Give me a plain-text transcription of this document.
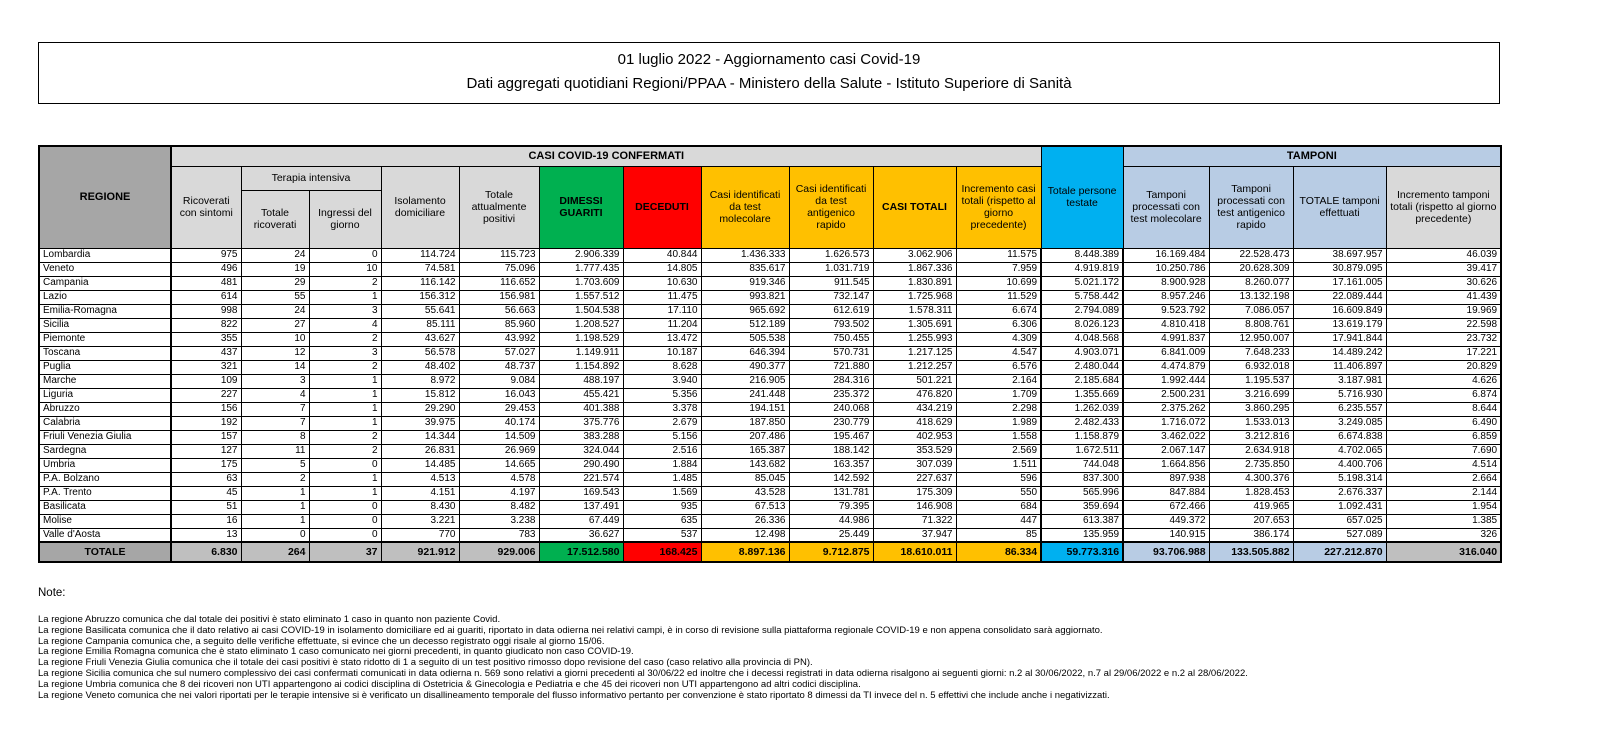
01 luglio 2022 - Aggiornamento casi Covid-19
Dati aggregati quotidiani Regioni/PPAA - Ministero della Salute - Istituto Superiore di Sanità
REGIONE	CASI COVID-19 CONFERMATI											Totale persone testate	TAMPONI			
	Ricoverati con sintomi	Terapia intensiva		Isolamento domiciliare	Totale attualmente positivi	DIMESSI GUARITI	DECEDUTI	Casi identificati da test molecolare	Casi identificati da test antigenico rapido	CASI TOTALI	Incremento casi totali (rispetto al giorno precedente)		Tamponi processati con test molecolare	Tamponi processati con test antigenico rapido	TOTALE tamponi effettuati	Incremento tamponi totali (rispetto al giorno precedente)
		Totale ricoverati	Ingressi del giorno													
Lombardia	975	24	0	114.724	115.723	2.906.339	40.844	1.436.333	1.626.573	3.062.906	11.575	8.448.389	16.169.484	22.528.473	38.697.957	46.039
Veneto	496	19	10	74.581	75.096	1.777.435	14.805	835.617	1.031.719	1.867.336	7.959	4.919.819	10.250.786	20.628.309	30.879.095	39.417
Campania	481	29	2	116.142	116.652	1.703.609	10.630	919.346	911.545	1.830.891	10.699	5.021.172	8.900.928	8.260.077	17.161.005	30.626
Lazio	614	55	1	156.312	156.981	1.557.512	11.475	993.821	732.147	1.725.968	11.529	5.758.442	8.957.246	13.132.198	22.089.444	41.439
Emilia-Romagna	998	24	3	55.641	56.663	1.504.538	17.110	965.692	612.619	1.578.311	6.674	2.794.089	9.523.792	7.086.057	16.609.849	19.969
Sicilia	822	27	4	85.111	85.960	1.208.527	11.204	512.189	793.502	1.305.691	6.306	8.026.123	4.810.418	8.808.761	13.619.179	22.598
Piemonte	355	10	2	43.627	43.992	1.198.529	13.472	505.538	750.455	1.255.993	4.309	4.048.568	4.991.837	12.950.007	17.941.844	23.732
Toscana	437	12	3	56.578	57.027	1.149.911	10.187	646.394	570.731	1.217.125	4.547	4.903.071	6.841.009	7.648.233	14.489.242	17.221
Puglia	321	14	2	48.402	48.737	1.154.892	8.628	490.377	721.880	1.212.257	6.576	2.480.044	4.474.879	6.932.018	11.406.897	20.829
Marche	109	3	1	8.972	9.084	488.197	3.940	216.905	284.316	501.221	2.164	2.185.684	1.992.444	1.195.537	3.187.981	4.626
Liguria	227	4	1	15.812	16.043	455.421	5.356	241.448	235.372	476.820	1.709	1.355.669	2.500.231	3.216.699	5.716.930	6.874
Abruzzo	156	7	1	29.290	29.453	401.388	3.378	194.151	240.068	434.219	2.298	1.262.039	2.375.262	3.860.295	6.235.557	8.644
Calabria	192	7	1	39.975	40.174	375.776	2.679	187.850	230.779	418.629	1.989	2.482.433	1.716.072	1.533.013	3.249.085	6.490
Friuli Venezia Giulia	157	8	2	14.344	14.509	383.288	5.156	207.486	195.467	402.953	1.558	1.158.879	3.462.022	3.212.816	6.674.838	6.859
Sardegna	127	11	2	26.831	26.969	324.044	2.516	165.387	188.142	353.529	2.569	1.672.511	2.067.147	2.634.918	4.702.065	7.690
Umbria	175	5	0	14.485	14.665	290.490	1.884	143.682	163.357	307.039	1.511	744.048	1.664.856	2.735.850	4.400.706	4.514
P.A. Bolzano	63	2	1	4.513	4.578	221.574	1.485	85.045	142.592	227.637	596	837.300	897.938	4.300.376	5.198.314	2.664
P.A. Trento	45	1	1	4.151	4.197	169.543	1.569	43.528	131.781	175.309	550	565.996	847.884	1.828.453	2.676.337	2.144
Basilicata	51	1	0	8.430	8.482	137.491	935	67.513	79.395	146.908	684	359.694	672.466	419.965	1.092.431	1.954
Molise	16	1	0	3.221	3.238	67.449	635	26.336	44.986	71.322	447	613.387	449.372	207.653	657.025	1.385
Valle d'Aosta	13	0	0	770	783	36.627	537	12.498	25.449	37.947	85	135.959	140.915	386.174	527.089	326
TOTALE	6.830	264	37	921.912	929.006	17.512.580	168.425	8.897.136	9.712.875	18.610.011	86.334	59.773.316	93.706.988	133.505.882	227.212.870	316.040
Note:
La regione Abruzzo comunica che dal totale dei positivi è stato eliminato 1 caso in quanto non paziente Covid.
La regione Basilicata comunica che il dato relativo ai casi COVID-19 in isolamento domiciliare ed ai guariti, riportato in data odierna nei relativi campi, è in corso di revisione sulla piattaforma regionale COVID-19 e non appena consolidato sarà aggiornato.
La regione Campania comunica che, a seguito delle verifiche effettuate, si evince che un decesso registrato oggi risale al giorno 15/06.
La regione Emilia Romagna comunica che è stato eliminato 1 caso comunicato nei giorni precedenti, in quanto giudicato non caso COVID-19.
La regione Friuli Venezia Giulia comunica che il totale dei casi positivi è stato ridotto di 1 a seguito di un test positivo rimosso dopo revisione del caso (caso relativo alla provincia di PN).
La regione Sicilia comunica che sul numero complessivo dei casi confermati comunicati in data odierna n. 569 sono relativi a giorni precedenti al 30/06/22 ed inoltre che i decessi registrati in data odierna risalgono ai seguenti giorni: n.2 al 30/06/2022, n.7 al 29/06/2022 e n.2 al 28/06/2022.
La regione Umbria comunica che 8 dei ricoveri non UTI appartengono ai codici disciplina di Ostetricia & Ginecologia e Pediatria e che 45 dei ricoveri non UTI appartengono ad altri codici disciplina.
La regione Veneto comunica che nei valori riportati per le terapie intensive si è verificato un disallineamento temporale del flusso informativo pertanto per convenzione è stato riportato 8 dimessi da TI invece del n. 5 effettivi che include anche i negativizzati.
